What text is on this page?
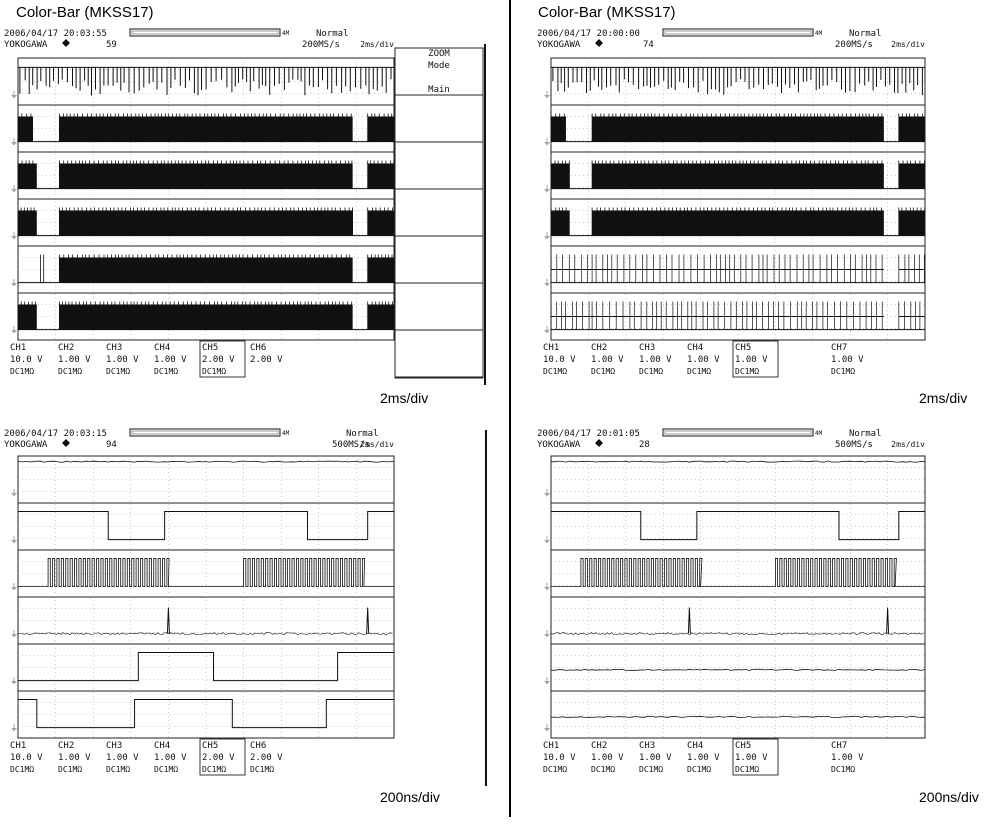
Color-Bar (MKSS17)
2006/04/17 20:03:55
YOKOGAWA	59
4M	Normal
200MS/s	2ms/div
⏚
⏚
⏚
⏚
⏚
⏚
ZOOM
Mode
Main
CH1
10.0 V
DC1MΩ
CH2
1.00 V
DC1MΩ
CH3
1.00 V
DC1MΩ
CH4
1.00 V
DC1MΩ
CH5
2.00 V
DC1MΩ
CH6
2.00 V
2ms/div
Color-Bar (MKSS17)
2006/04/17 20:00:00
YOKOGAWA	74
4M	Normal
200MS/s 2ms/div
⏚
⏚
⏚
⏚
⏚
⏚
CH1
10.0 V
DC1MΩ
CH2
1.00 V
DC1MΩ
CH3
1.00 V
DC1MΩ
CH4
1.00 V
DC1MΩ
CH5
1.00 V
DC1MΩ
CH7
1.00 V
DC1MΩ
2ms/div
2006/04/17 20:03:15
YOKOGAWA	94
4M	Normal
500MS/s
2ms/div
⏚
⏚
⏚
⏚
⏚
⏚
CH1
10.0 V
DC1MΩ
CH2
1.00 V
DC1MΩ
CH3
1.00 V
DC1MΩ
CH4
1.00 V
DC1MΩ
CH5
2.00 V
DC1MΩ
CH6
2.00 V
DC1MΩ
200ns/div
2006/04/17 20:01:05
YOKOGAWA	28
4M	Normal
500MS/s 2ms/div
⏚
⏚
⏚
⏚
⏚
⏚
CH1
10.0 V
DC1MΩ
CH2
1.00 V
DC1MΩ
CH3
1.00 V
DC1MΩ
CH4
1.00 V
DC1MΩ
CH5
1.00 V
DC1MΩ
CH7
1.00 V
DC1MΩ
200ns/div
